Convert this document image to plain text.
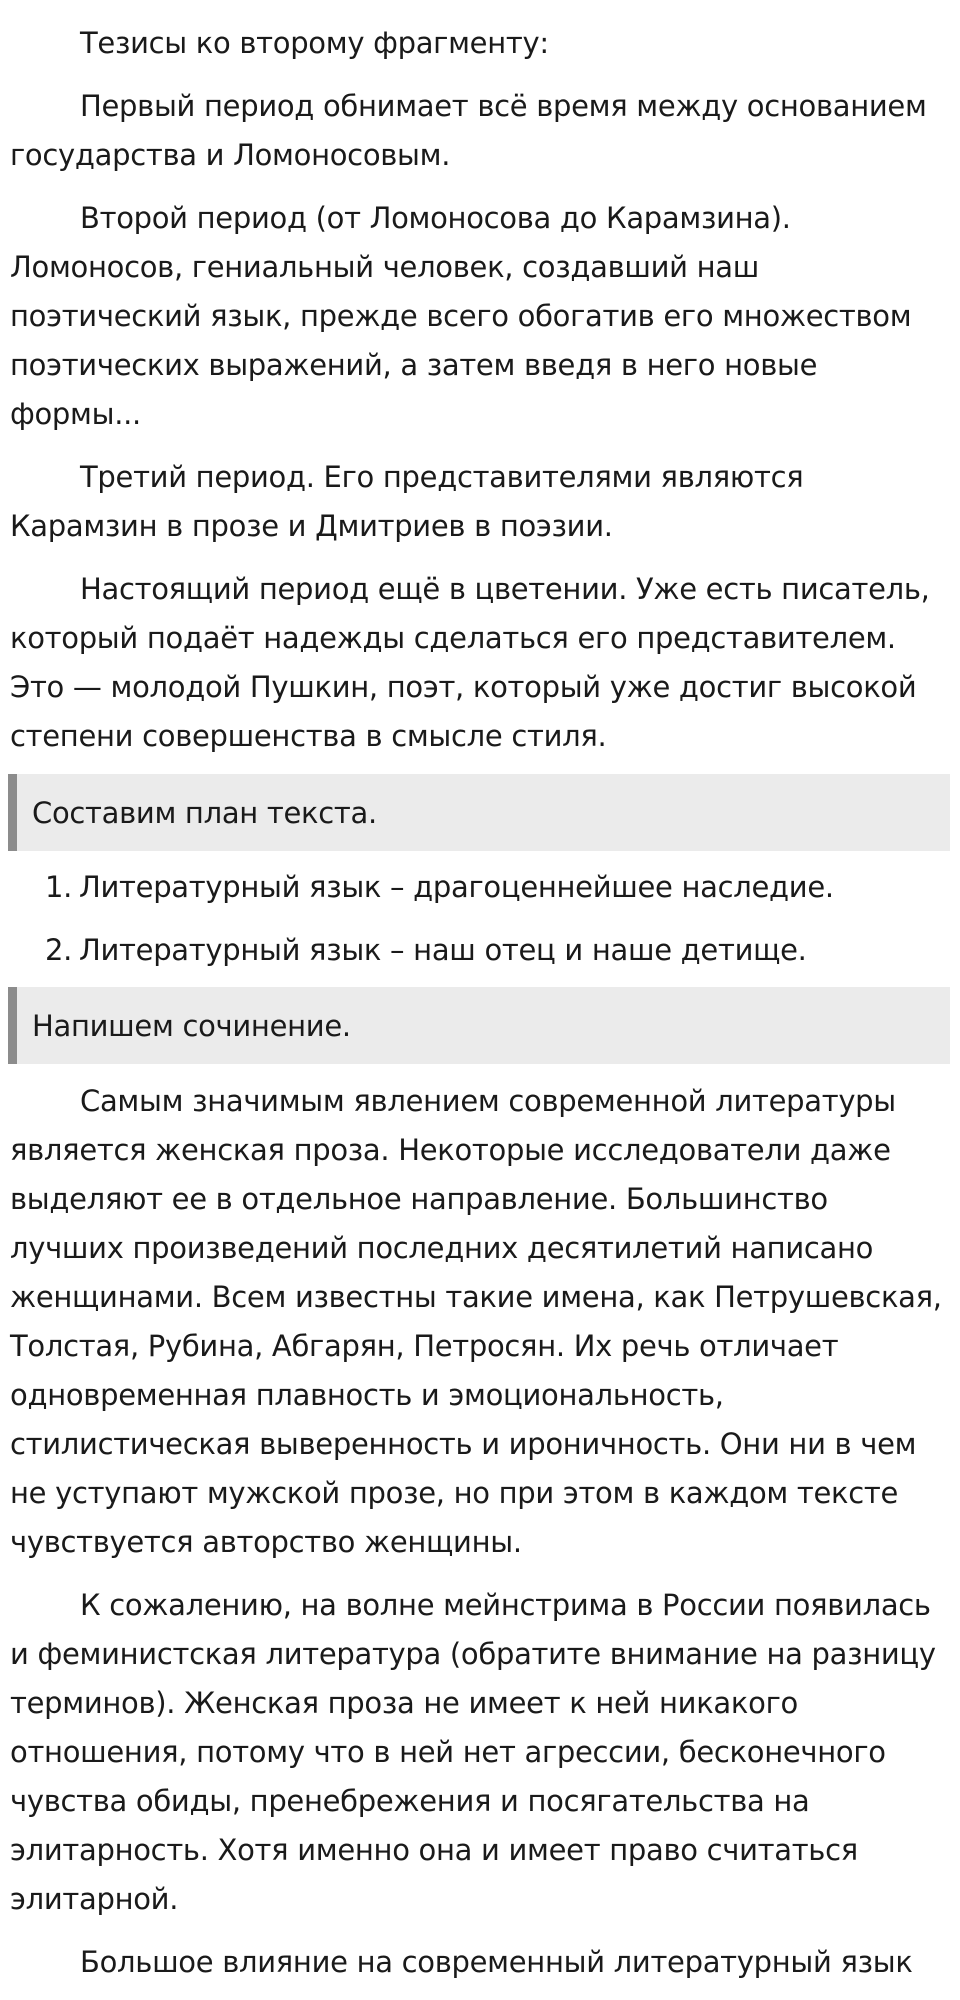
Тезисы ко второму фрагменту:

Первый период обнимает всё время между основанием государства и Ломоносовым.

Второй период (от Ломоносова до Карамзина). Ломоносов, гениальный человек, создавший наш поэтический язык, прежде всего обогатив его множеством поэтических выражений, а затем введя в него новые формы...

Третий период. Его представителями являются Карамзин в прозе и Дмитриев в поэзии.

Настоящий период ещё в цветении. Уже есть писатель, который подаёт надежды сделаться его представителем. Это — молодой Пушкин, поэт, который уже достиг высокой степени совершенства в смысле стиля.

Составим план текста.
1. Литературный язык – драгоценнейшее наследие.
2. Литературный язык – наш отец и наше детище.
Напишем сочинение.

Самым значимым явлением современной литературы является женская проза. Некоторые исследователи даже выделяют ее в отдельное направление. Большинство лучших произведений последних десятилетий написано женщинами. Всем известны такие имена, как Петрушевская, Толстая, Рубина, Абгарян, Петросян. Их речь отличает одновременная плавность и эмоциональность, стилистическая выверенность и ироничность. Они ни в чем не уступают мужской прозе, но при этом в каждом тексте чувствуется авторство женщины.

К сожалению, на волне мейнстрима в России появилась и феминистская литература (обратите внимание на разницу терминов). Женская проза не имеет к ней никакого отношения, потому что в ней нет агрессии, бесконечного чувства обиды, пренебрежения и посягательства на элитарность. Хотя именно она и имеет право считаться элитарной.

Большое влияние на современный литературный язык
